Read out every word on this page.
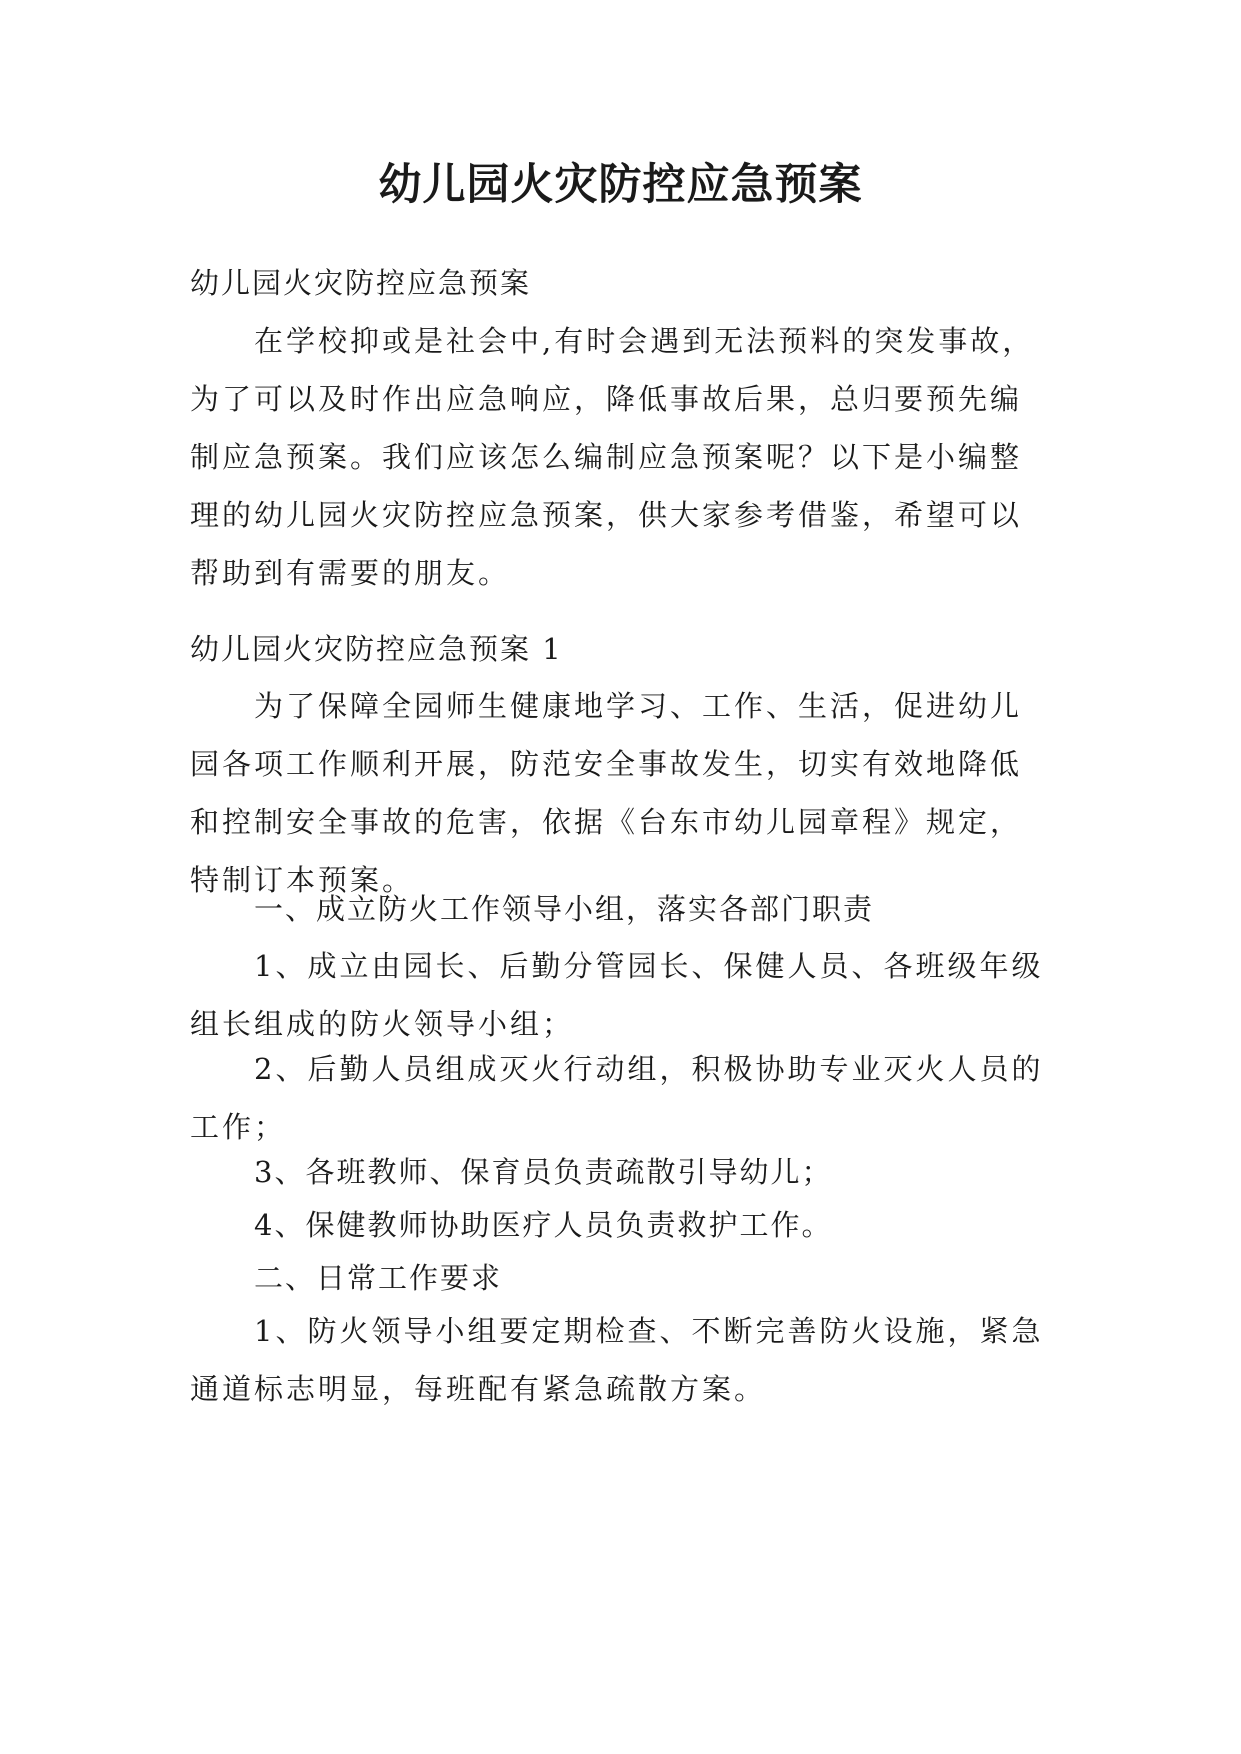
幼儿园火灾防控应急预案

幼儿园火灾防控应急预案

在学校抑或是社会中,有时会遇到无法预料的突发事故，为了可以及时作出应急响应，降低事故后果，总归要预先编制应急预案。我们应该怎么编制应急预案呢？以下是小编整理的幼儿园火灾防控应急预案，供大家参考借鉴，希望可以帮助到有需要的朋友。

幼儿园火灾防控应急预案 1

为了保障全园师生健康地学习、工作、生活，促进幼儿园各项工作顺利开展，防范安全事故发生，切实有效地降低和控制安全事故的危害，依据《台东市幼儿园章程》规定，特制订本预案。

一、成立防火工作领导小组，落实各部门职责

1、成立由园长、后勤分管园长、保健人员、各班级年级组长组成的防火领导小组；

2、后勤人员组成灭火行动组，积极协助专业灭火人员的工作；

3、各班教师、保育员负责疏散引导幼儿；

4、保健教师协助医疗人员负责救护工作。

二、日常工作要求

1、防火领导小组要定期检查、不断完善防火设施，紧急通道标志明显，每班配有紧急疏散方案。
